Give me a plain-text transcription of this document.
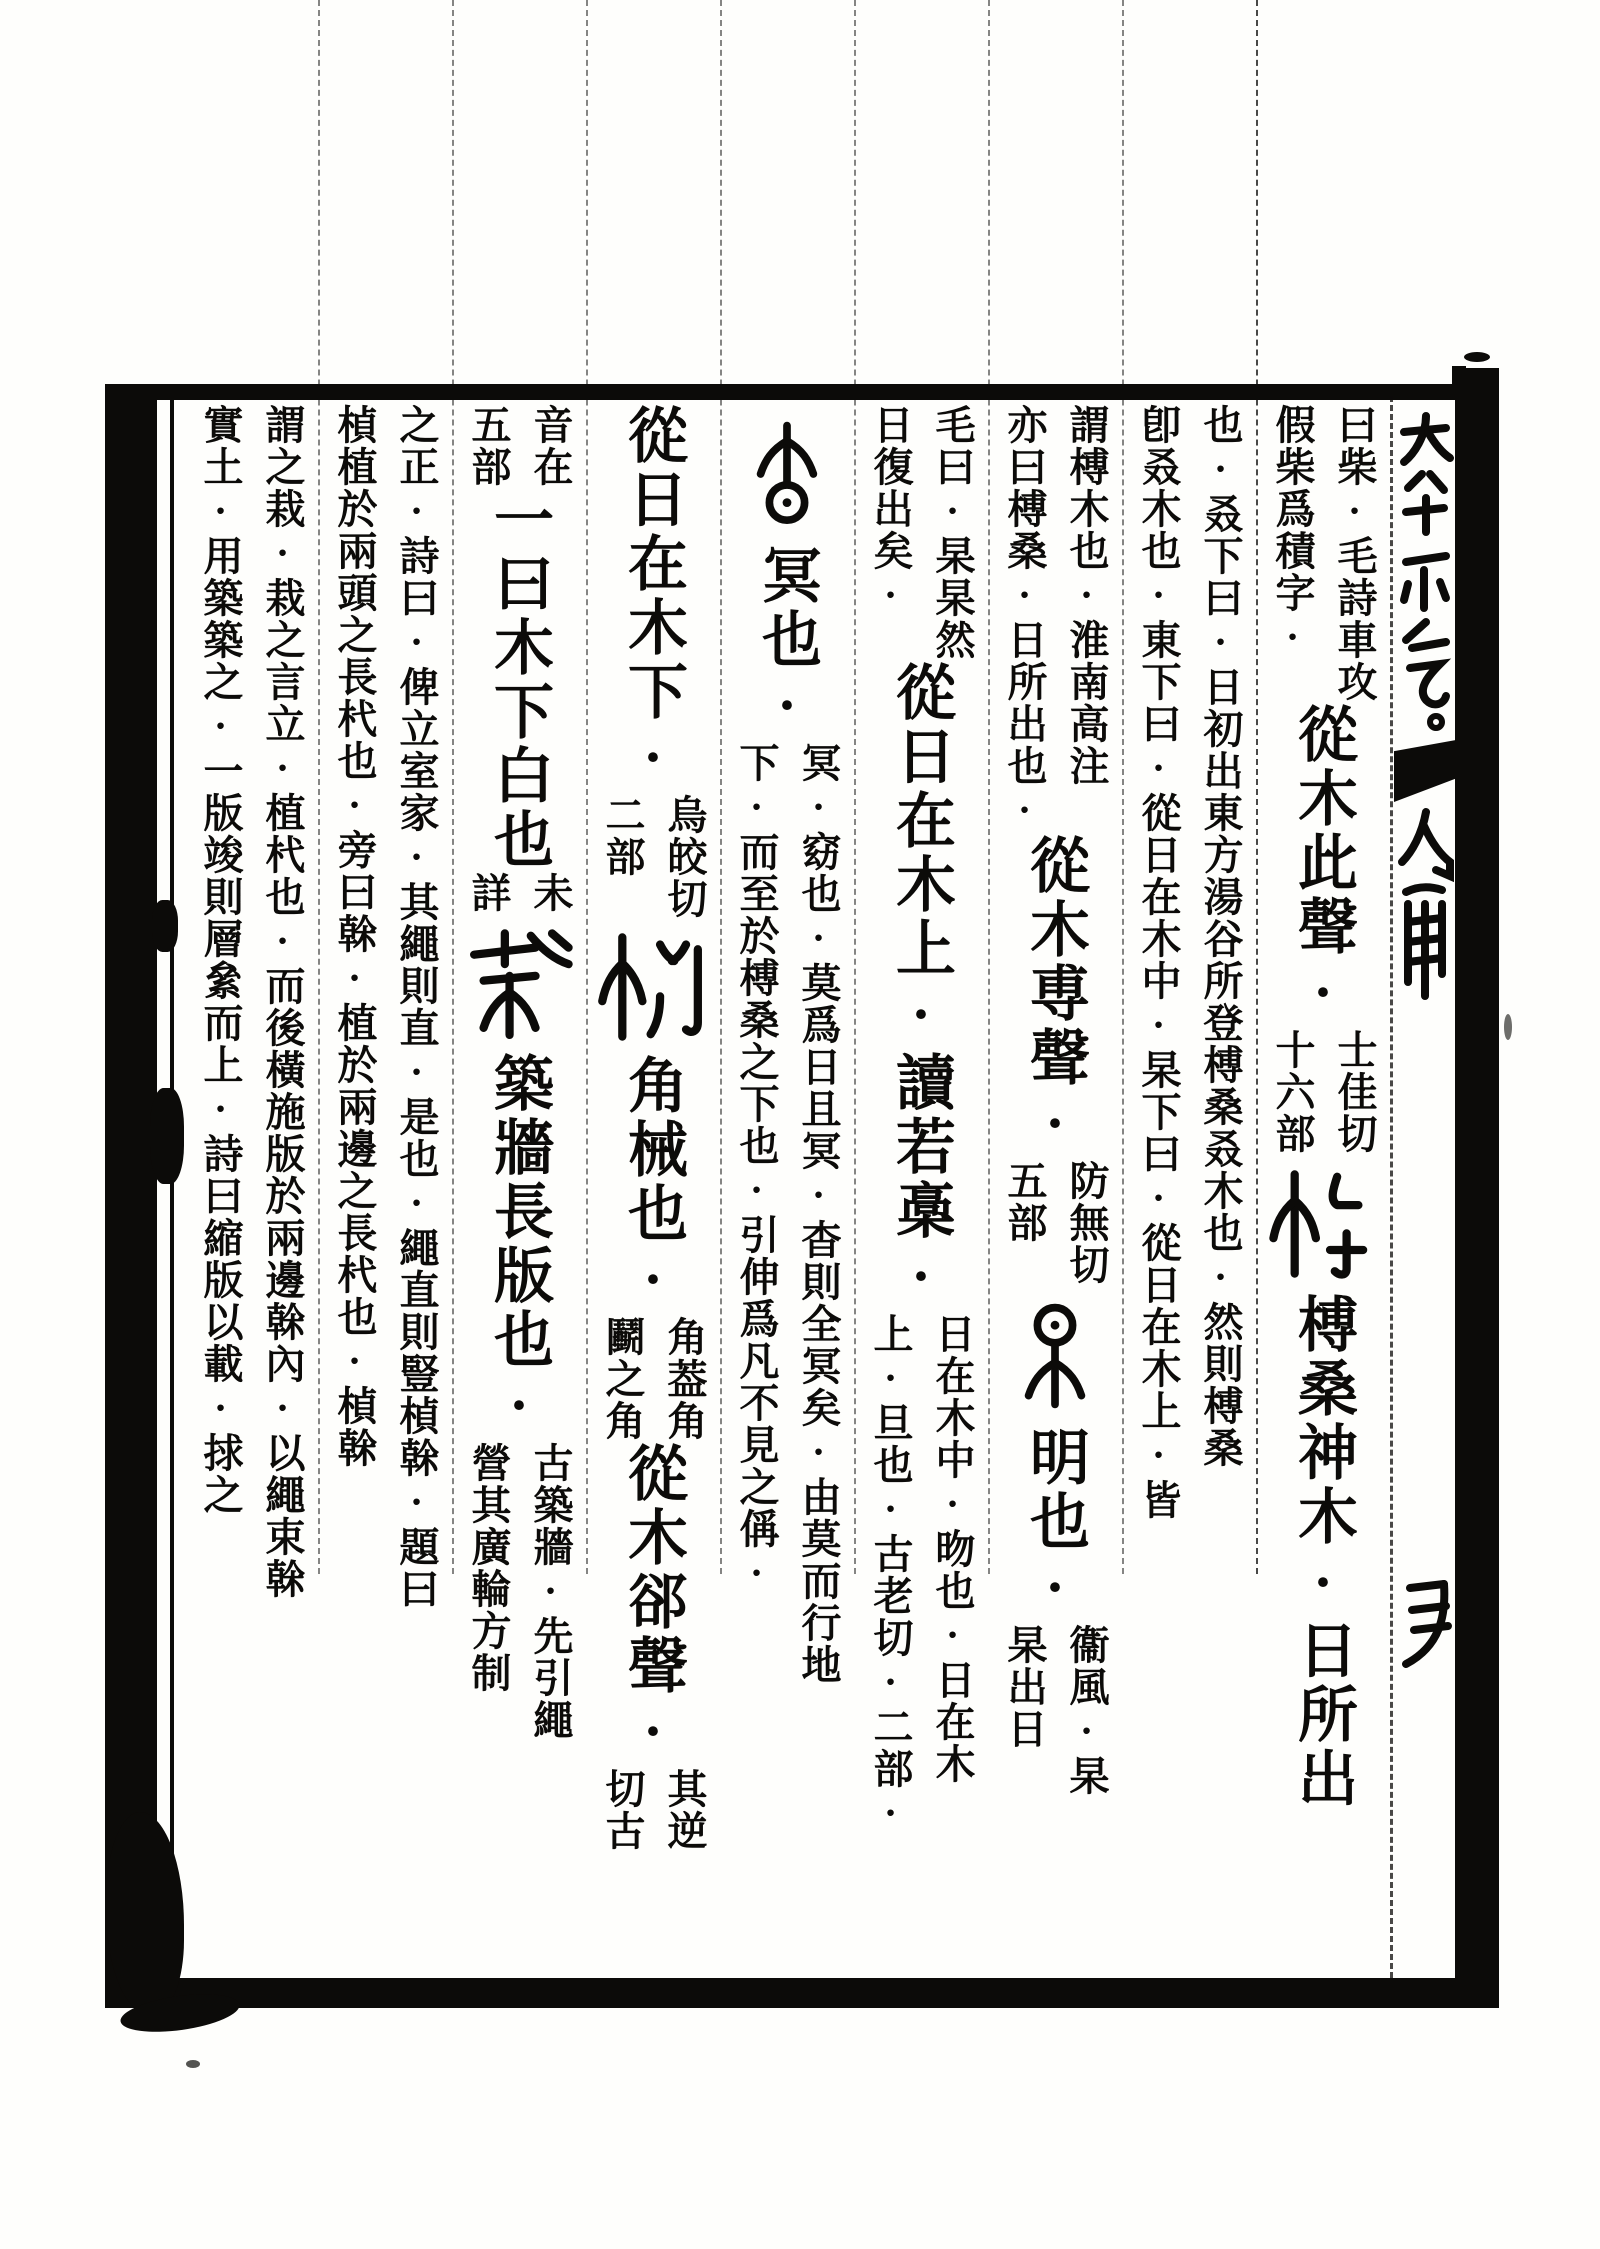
曰柴·毛詩車攻
假柴爲積字·
從木此聲·
士佳切
十六部
榑桑神木·日所出
也·叒下曰·日初出東方湯谷所登榑桑叒木也·然則榑桑
卽叒木也·東下曰·從日在木中·杲下曰·從日在木上·皆
謂榑木也·淮南高注
亦曰榑桑·日所出也·
從木尃聲·
防無切
五部
明也·
衞風·杲
杲出日
毛曰·杲杲然
日復出矣·
從日在木上·讀若槀·
日在木中·昒也·日在木
上·旦也·古老切·二部·
冥也·
冥·窈也·莫爲日且冥·杳則全冥矣·由莫而行地
下·而至於榑桑之下也·引伸爲凡不見之偁·
從日在木下·
烏皎切
二部
角械也·
角葢角
鬬之角
從木郤聲·
其逆
切古
音在
五部
一曰木下白也
未
詳
築牆長版也·
古築牆·先引繩
營其廣輪方制
之正·詩曰·俾立室家·其繩則直·是也·繩直則豎楨榦·題曰
楨植於兩頭之長杙也·旁曰榦·植於兩邊之長杙也·楨榦
謂之栽·栽之言立·植杙也·而後橫施版於兩邊榦內·以繩束榦
實土·用築築之·一版竣則層絫而上·詩曰縮版以載·捄之
